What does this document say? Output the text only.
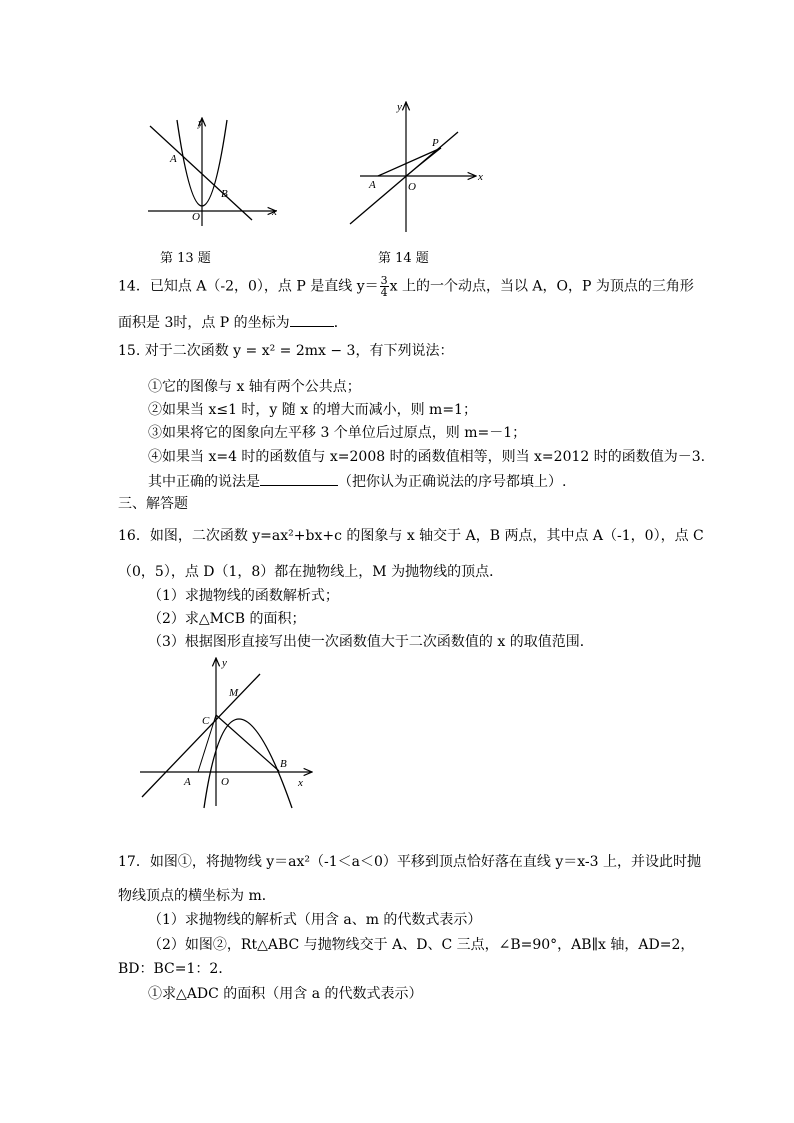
y
x
O
A
B
第 13 题
y
x
O
A
P
第 14 题
14．已知点 A（-2，0），点 P 是直线 $y= \frac{3}{4}$ x 上的一个动点，当以 A，O，P 为顶点的三角形
面积是 3时，点 P 的坐标为	．
15. 对于二次函数 y = x² = 2mx − 3，有下列说法：
①它的图像与 x 轴有两个公共点；
②如果当 x≤1 时，y 随 x 的增大而减小，则 m=1；
③如果将它的图象向左平移 3 个单位后过原点，则 m=－1；
④如果当 x=4 时的函数值与 x=2008 时的函数值相等，则当 x=2012 时的函数值为－3.
其中正确的说法是	（把你认为正确说法的序号都填上）.
三、解答题
16．如图，二次函数 y=ax²+bx+c 的图象与 x 轴交于 A，B 两点，其中点 A（-1，0），点 C
（0，5），点 D（1，8）都在抛物线上，M 为抛物线的顶点．
（1）求抛物线的函数解析式；
（2）求△MCB 的面积；
（3）根据图形直接写出使一次函数值大于二次函数值的 x 的取值范围．
y
x
O
A
B
C
M
17．如图①，将抛物线 y＝ax²（-1＜a＜0）平移到顶点恰好落在直线 y＝x-3 上，并设此时抛
物线顶点的横坐标为 m．
（1）求抛物线的解析式（用含 a、m 的代数式表示）
（2）如图②，Rt△ABC 与抛物线交于 A、D、C 三点，∠B=90°，AB∥x 轴，AD=2，
BD：BC=1：2．
①求△ADC 的面积（用含 a 的代数式表示）
